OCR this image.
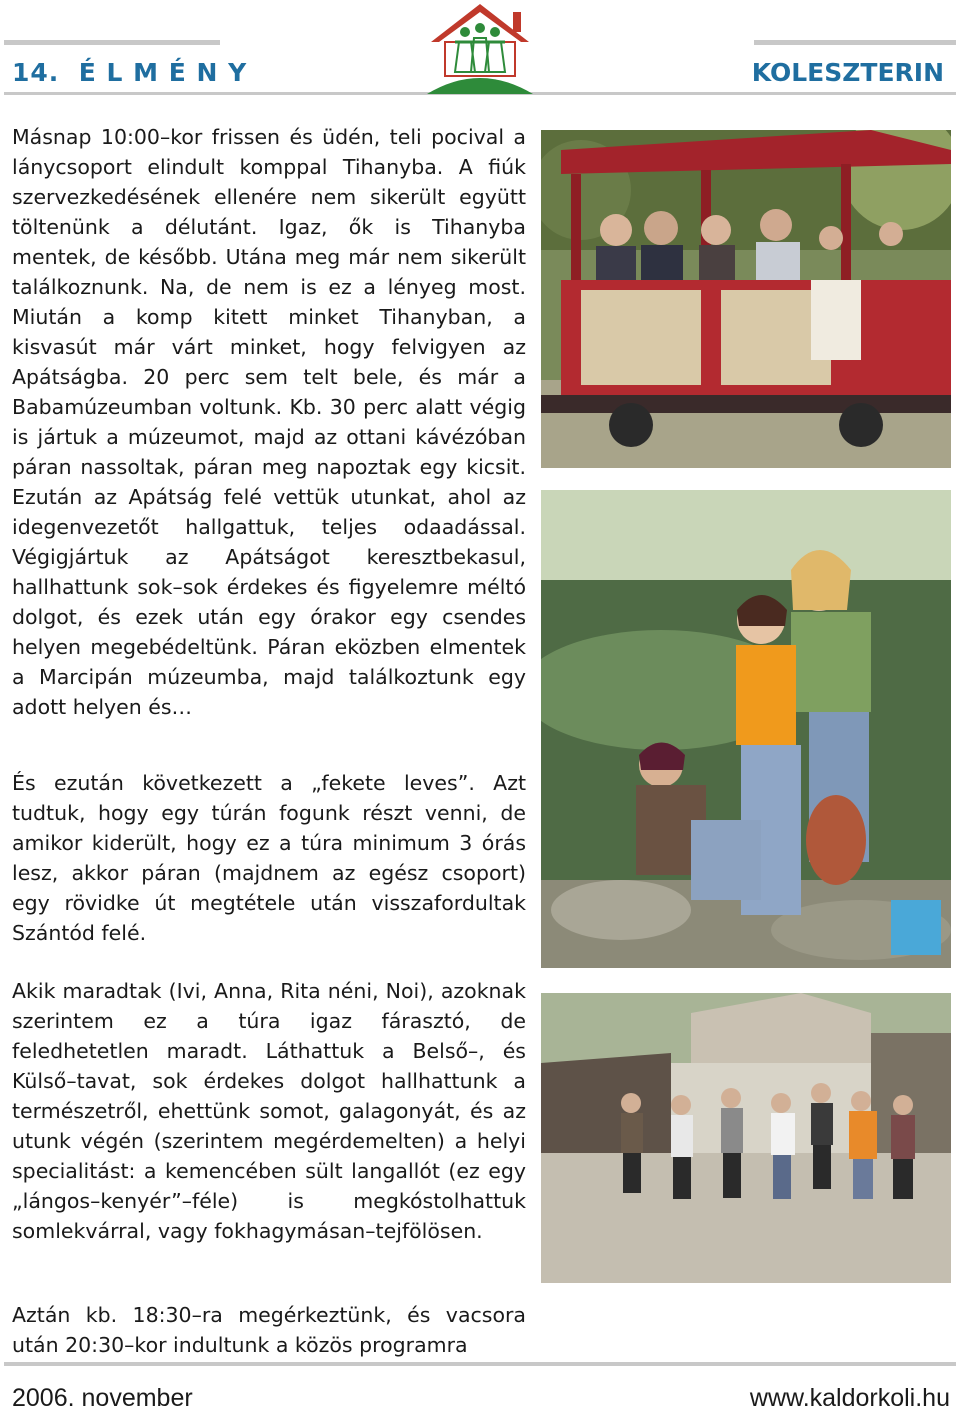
14.  É L M É N Y	KOLESZTERIN

Másnap 10:00–kor frissen és üdén, teli pocival a lánycsoport elindult komppal Tihanyba. A fiúk szervezkedésének ellenére nem sikerült együtt töltenünk a délutánt. Igaz, ők is Tihanyba mentek, de később. Utána meg már nem sikerült találkoznunk. Na, de nem is ez a lényeg most. Miután a komp kitett minket Tihanyban, a kisvasút már várt minket, hogy felvigyen az Apátságba. 20 perc sem telt bele, és már a Babamúzeumban voltunk. Kb. 30 perc alatt végig is jártuk a múzeumot, majd az ottani kávézóban páran nassoltak, páran meg napoztak egy kicsit. Ezután az Apátság felé vettük utunkat, ahol az idegenvezetőt hallgattuk, teljes odaadással. Végigjártuk az Apátságot keresztbekasul, hallhattunk sok–sok érdekes és figyelemre méltó dolgot, és ezek után egy órakor egy csendes helyen megebédeltünk. Páran eközben elmentek a Marcipán múzeumba, majd találkoztunk egy adott helyen és…

És ezután következett a „fekete leves”. Azt tudtuk, hogy egy túrán fogunk részt venni, de amikor kiderült, hogy ez a túra minimum 3 órás lesz, akkor páran (majdnem az egész csoport) egy rövidke út megtétele után visszafordultak Szántód felé.

Akik maradtak (Ivi, Anna, Rita néni, Noi), azoknak szerintem ez a túra igaz fárasztó, de feledhetetlen maradt. Láthattuk a Belső–, és Külső–tavat, sok érdekes dolgot hallhattunk a természetről, ehettünk somot, galagonyát, és az utunk végén (szerintem megérdemelten) a helyi specialitást: a kemencében sült langallót (ez egy „lángos–kenyér”–féle) is megkóstolhattuk somlekvárral, vagy fokhagymásan–tejfölösen.

Aztán kb. 18:30–ra megérkeztünk, és vacsora után 20:30–kor indultunk a közös programra

2006. november	www.kaldorkoli.hu
